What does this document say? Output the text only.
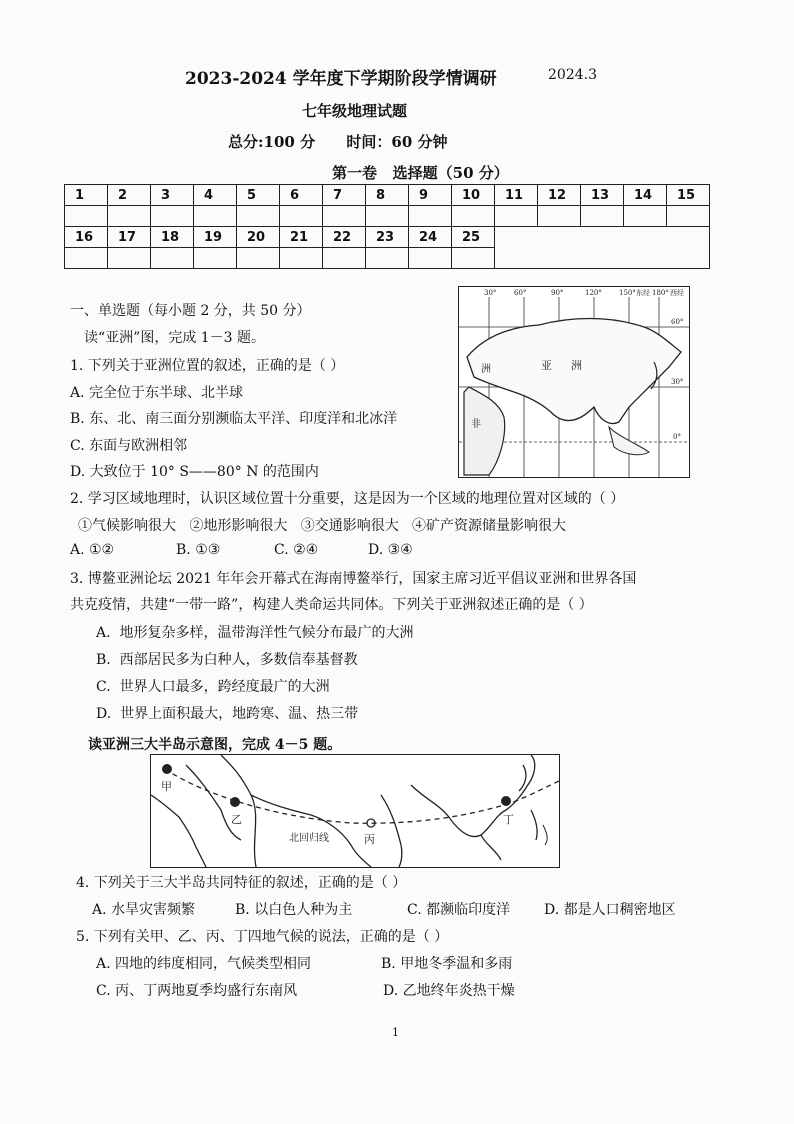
2023-2024 学年度下学期阶段学情调研	2024.3
七年级地理试题
总分:100 分      时间：60 分钟
第一卷   选择题（50 分）
1	2	3	4	5	6	7	8	9	10	11	12	13	14	15

16	17	18	19	20	21	22	23	24	25					

一、单选题（每小题 2 分，共 50 分）
读“亚洲”图，完成 1－3 题。
30°	60°	90°	120° 150° 东经 180° 西经
60°
30°
0°
洲	亚 洲
非
1. 下列关于亚洲位置的叙述，正确的是（ ）
A. 完全位于东半球、北半球
B. 东、北、南三面分别濒临太平洋、印度洋和北冰洋
C. 东面与欧洲相邻
D. 大致位于 10° S——80° N 的范围内
2. 学习区域地理时，认识区域位置十分重要，这是因为一个区域的地理位置对区域的（ ）
①气候影响很大   ②地形影响很大   ③交通影响很大   ④矿产资源储量影响很大
A. ①②	B. ①③	C. ②④	D. ③④
3. 博鳌亚洲论坛 2021 年年会开幕式在海南博鳌举行，国家主席习近平倡议亚洲和世界各国
共克疫情，共建“一带一路”，构建人类命运共同体。下列关于亚洲叙述正确的是（ ）
A.  地形复杂多样，温带海洋性气候分布最广的大洲
B.  西部居民多为白种人，多数信奉基督教
C.  世界人口最多，跨经度最广的大洲
D.  世界上面积最大，地跨寒、温、热三带
读亚洲三大半岛示意图，完成 4－5 题。
甲
乙
北回归线	丙
丁
4. 下列关于三大半岛共同特征的叙述，正确的是（ ）
A. 水旱灾害频繁	B. 以白色人种为主	C. 都濒临印度洋 D. 都是人口稠密地区
5. 下列有关甲、乙、丙、丁四地气候的说法，正确的是（ ）
A. 四地的纬度相同，气候类型相同	B. 甲地冬季温和多雨
C. 丙、丁两地夏季均盛行东南风	D. 乙地终年炎热干燥
1
